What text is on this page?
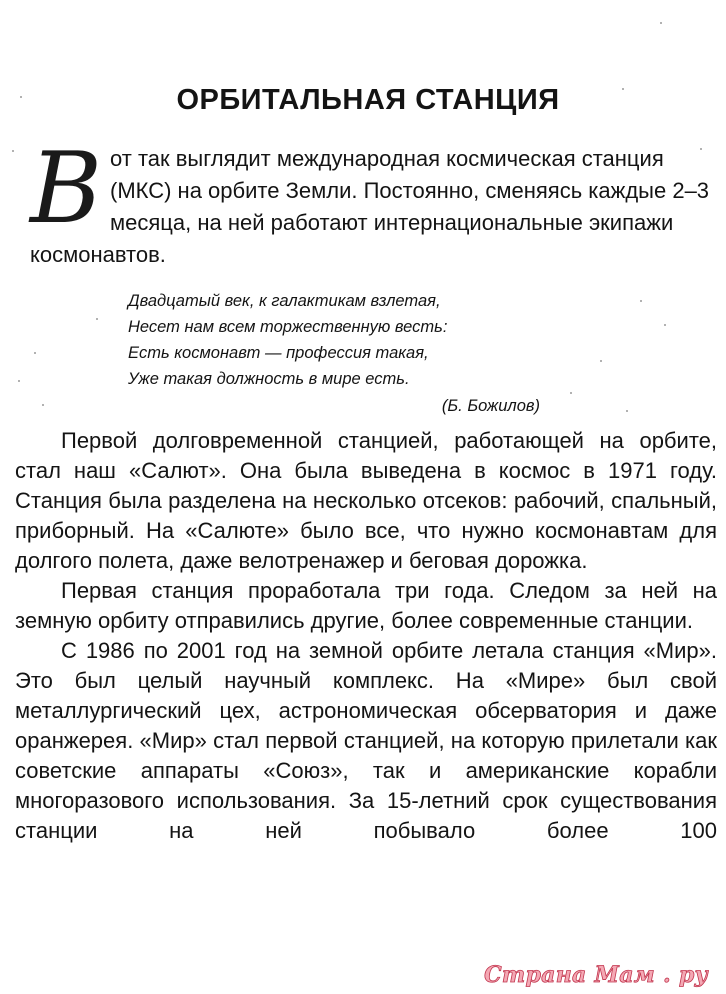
ОРБИТАЛЬНАЯ СТАНЦИЯ
В от так выглядит международная космическая станция (МКС) на орбите Земли. Постоянно, сменяясь каждые 2–3 месяца, на ней работают интернациональные экипажи космонавтов.
Двадцатый век, к галактикам взлетая,
Несет нам всем торжественную весть:
Есть космонавт — профессия такая,
Уже такая должность в мире есть.
(Б. Божилов)

Первой долговременной станцией, работающей на орбите, стал наш «Салют». Она была выведена в космос в 1971 году. Станция была разделена на несколько отсеков: рабочий, спальный, приборный. На «Салюте» было все, что нужно космонавтам для долгого полета, даже велотренажер и беговая дорожка.

Первая станция проработала три года. Следом за ней на земную орбиту отправились другие, более современные станции.

С 1986 по 2001 год на земной орбите летала станция «Мир». Это был целый научный комплекс. На «Мире» был свой металлургический цех, астрономическая обсерватория и даже оранжерея. «Мир» стал первой станцией, на которую прилетали как советские аппараты «Союз», так и американские корабли многоразового использования. За 15-летний срок существования станции на ней побывало более 100

Страна Мам . ру
